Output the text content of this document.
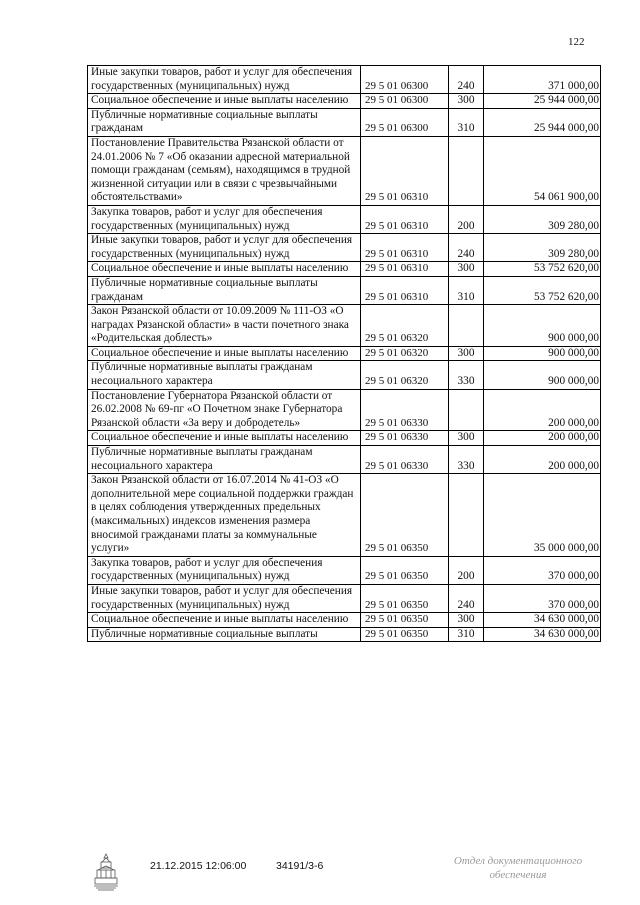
122
Иные закупки товаров, работ и услуг для обеспечения государственных (муниципальных) нужд	29 5 01 06300	240	371 000,00
Социальное обеспечение и иные выплаты населению	29 5 01 06300	300	25 944 000,00
Публичные нормативные социальные выплаты гражданам	29 5 01 06300	310	25 944 000,00
Постановление Правительства Рязанской области от 24.01.2006 № 7 «Об оказании адресной материальной помощи гражданам (семьям), находящимся в трудной жизненной ситуации или в связи с чрезвычайными обстоятельствами»	29 5 01 06310		54 061 900,00
Закупка товаров, работ и услуг для обеспечения государственных (муниципальных) нужд	29 5 01 06310	200	309 280,00
Иные закупки товаров, работ и услуг для обеспечения государственных (муниципальных) нужд	29 5 01 06310	240	309 280,00
Социальное обеспечение и иные выплаты населению	29 5 01 06310	300	53 752 620,00
Публичные нормативные социальные выплаты гражданам	29 5 01 06310	310	53 752 620,00
Закон Рязанской области от 10.09.2009 № 111-ОЗ «О наградах Рязанской области» в части почетного знака «Родительская доблесть»	29 5 01 06320		900 000,00
Социальное обеспечение и иные выплаты населению	29 5 01 06320	300	900 000,00
Публичные нормативные выплаты гражданам несоциального характера	29 5 01 06320	330	900 000,00
Постановление Губернатора Рязанской области от 26.02.2008 № 69-пг «О Почетном знаке Губернатора Рязанской области «За веру и добродетель»	29 5 01 06330		200 000,00
Социальное обеспечение и иные выплаты населению	29 5 01 06330	300	200 000,00
Публичные нормативные выплаты гражданам несоциального характера	29 5 01 06330	330	200 000,00
Закон Рязанской области от 16.07.2014 № 41-ОЗ «О дополнительной мере социальной поддержки граждан в целях соблюдения утвержденных предельных (максимальных) индексов изменения размера вносимой гражданами платы за коммунальные услуги»	29 5 01 06350		35 000 000,00
Закупка товаров, работ и услуг для обеспечения государственных (муниципальных) нужд	29 5 01 06350	200	370 000,00
Иные закупки товаров, работ и услуг для обеспечения государственных (муниципальных) нужд	29 5 01 06350	240	370 000,00
Социальное обеспечение и иные выплаты населению	29 5 01 06350	300	34 630 000,00
Публичные нормативные социальные выплаты	29 5 01 06350	310	34 630 000,00
21.12.2015 12:06:00	34191/3-6	Отдел документационного обеспечения
